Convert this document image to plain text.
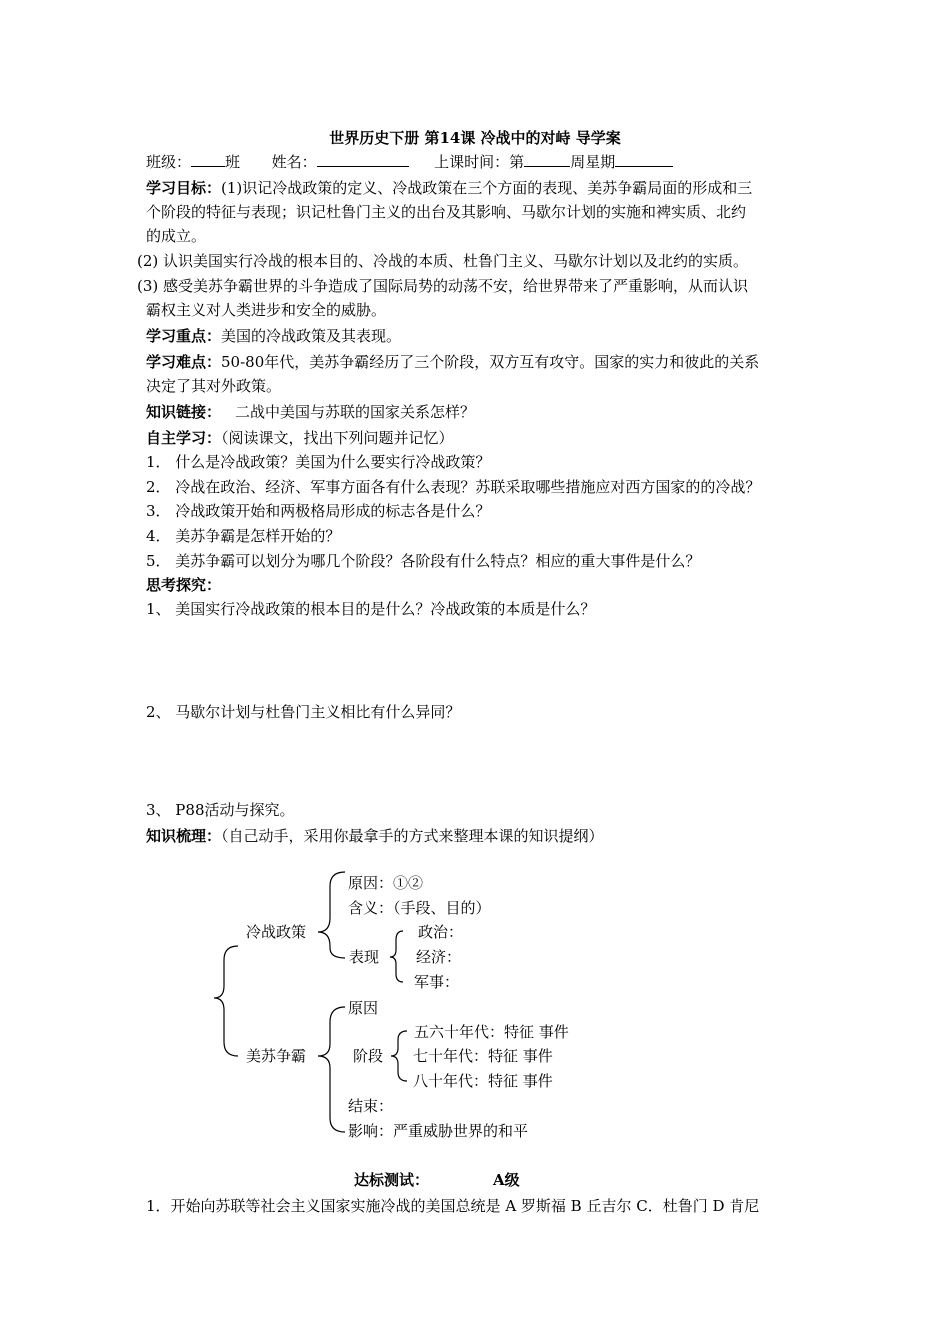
世界历史下册 第14课 冷战中的对峙 导学案
班级： 班 姓名：	上课时间：第	周星期
学习目标：(1)识记冷战政策的定义、冷战政策在三个方面的表现、美苏争霸局面的形成和三
个阶段的特征与表现；识记杜鲁门主义的出台及其影响、马歇尔计划的实施和裨实质、北约
的成立。
(2) 认识美国实行冷战的根本目的、冷战的本质、杜鲁门主义、马歇尔计划以及北约的实质。
(3) 感受美苏争霸世界的斗争造成了国际局势的动荡不安，给世界带来了严重影响，从而认识
霸权主义对人类进步和安全的威胁。
学习重点：美国的冷战政策及其表现。
学习难点：50-80年代，美苏争霸经历了三个阶段，双方互有攻守。国家的实力和彼此的关系
决定了其对外政策。
知识链接： 二战中美国与苏联的国家关系怎样？
自主学习：（阅读课文，找出下列问题并记忆）
1． 什么是冷战政策？美国为什么要实行冷战政策？
2． 冷战在政治、经济、军事方面各有什么表现？苏联采取哪些措施应对西方国家的的冷战？
3． 冷战政策开始和两极格局形成的标志各是什么？
4． 美苏争霸是怎样开始的？
5． 美苏争霸可以划分为哪几个阶段？各阶段有什么特点？相应的重大事件是什么？
思考探究：
1、 美国实行冷战政策的根本目的是什么？冷战政策的本质是什么？
2、 马歇尔计划与杜鲁门主义相比有什么异同？
3、 P88活动与探究。
知识梳理：（自己动手，采用你最拿手的方式来整理本课的知识提纲）
原因：①②
含义：（手段、目的）
冷战政策	政治：
表现 经济：
军事：
原因
五六十年代：特征 事件
美苏争霸	阶段 七十年代：特征 事件
八十年代：特征 事件
结束：
影响：严重威胁世界的和平
达标测试：	A级
1．开始向苏联等社会主义国家实施冷战的美国总统是 A 罗斯福 B 丘吉尔 C．杜鲁门 D 肯尼
